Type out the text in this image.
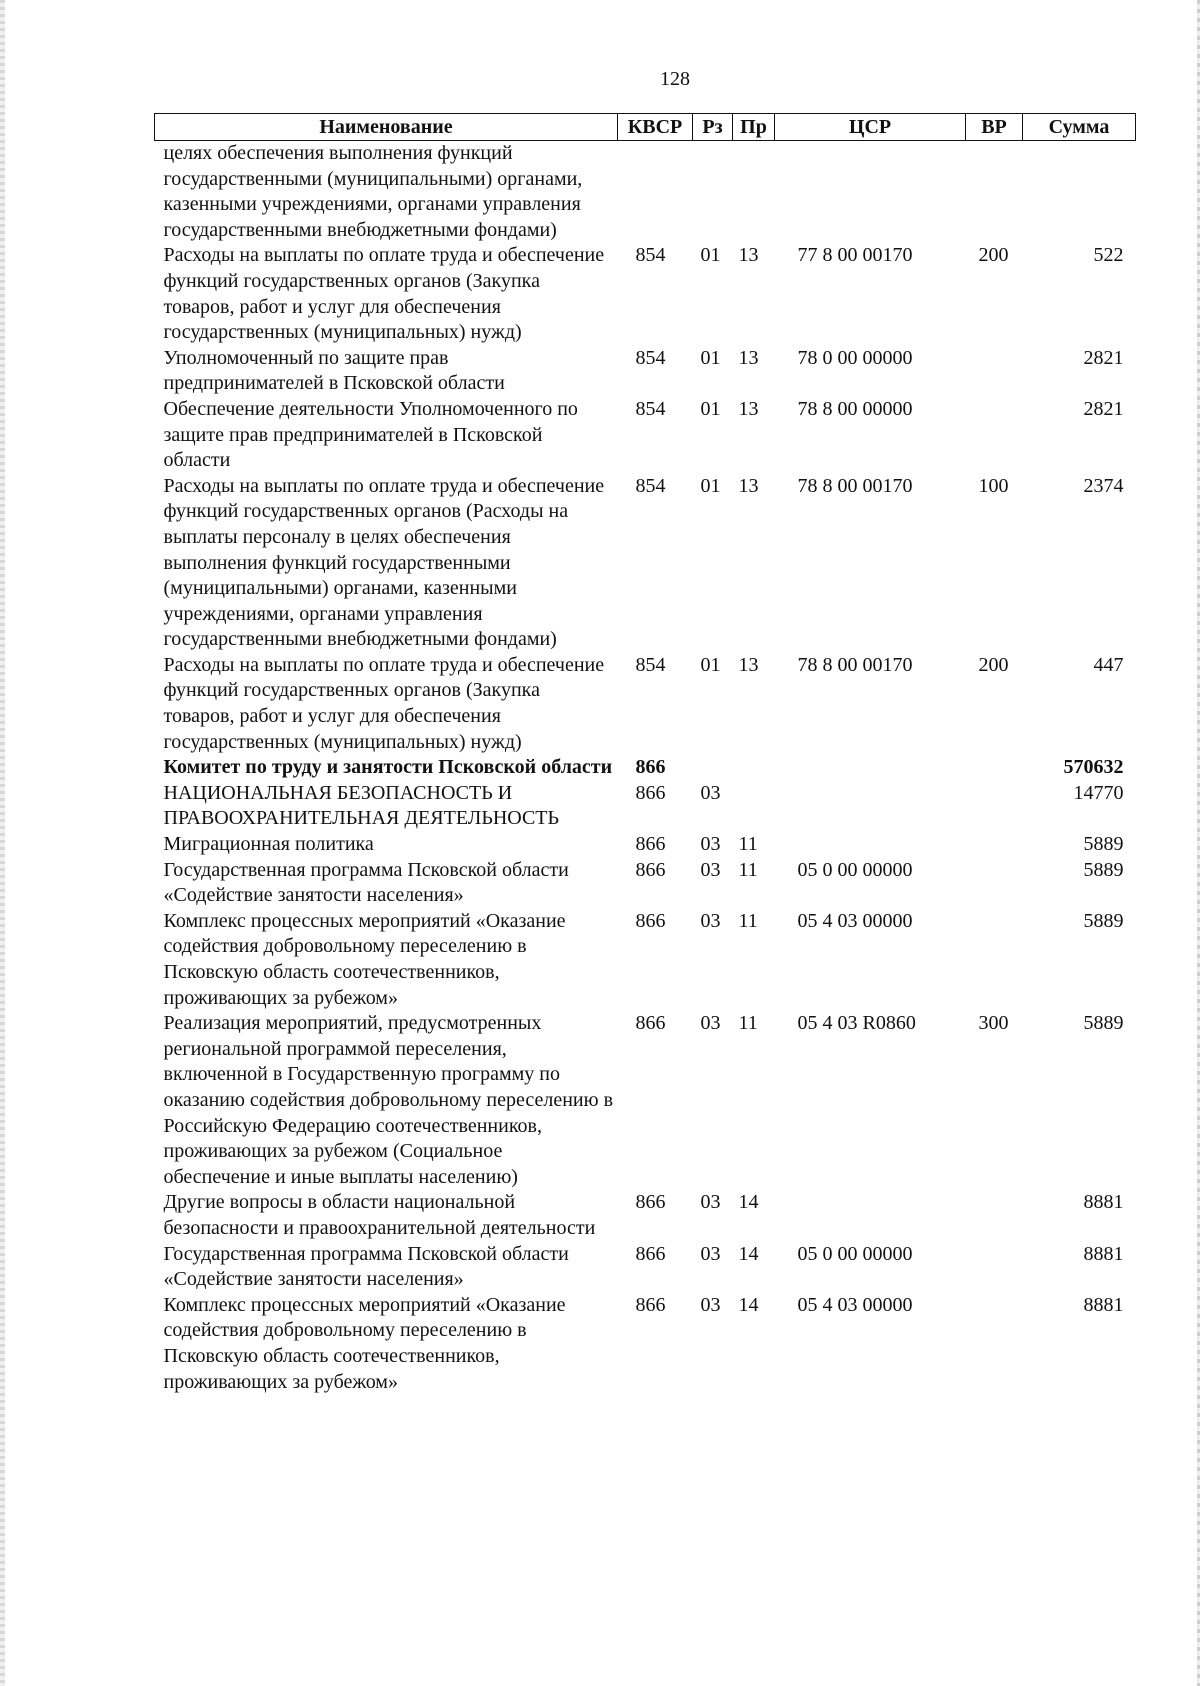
128
Наименование	КВСР	Рз	Пр	ЦСР	ВР	Сумма
целях обеспечения выполнения функций государственными (муниципальными) органами, казенными учреждениями, органами управления государственными внебюджетными фондами)						
Расходы на выплаты по оплате труда и обеспечение функций государственных органов (Закупка товаров, работ и услуг для обеспечения государственных (муниципальных) нужд)	854	01	13	77 8 00 00170	200	522
Уполномоченный по защите прав предпринимателей в Псковской области	854	01	13	78 0 00 00000		2821
Обеспечение деятельности Уполномоченного по защите прав предпринимателей в Псковской области	854	01	13	78 8 00 00000		2821
Расходы на выплаты по оплате труда и обеспечение функций государственных органов (Расходы на выплаты персоналу в целях обеспечения выполнения функций государственными (муниципальными) органами, казенными учреждениями, органами управления государственными внебюджетными фондами)	854	01	13	78 8 00 00170	100	2374
Расходы на выплаты по оплате труда и обеспечение функций государственных органов (Закупка товаров, работ и услуг для обеспечения государственных (муниципальных) нужд)	854	01	13	78 8 00 00170	200	447
Комитет по труду и занятости Псковской области	866					570632
НАЦИОНАЛЬНАЯ БЕЗОПАСНОСТЬ И ПРАВООХРАНИТЕЛЬНАЯ ДЕЯТЕЛЬНОСТЬ	866	03				14770
Миграционная политика	866	03	11			5889
Государственная программа Псковской области «Содействие занятости населения»	866	03	11	05 0 00 00000		5889
Комплекс процессных мероприятий «Оказание содействия добровольному переселению в Псковскую область соотечественников, проживающих за рубежом»	866	03	11	05 4 03 00000		5889
Реализация мероприятий, предусмотренных региональной программой переселения, включенной в Государственную программу по оказанию содействия добровольному переселению в Российскую Федерацию соотечественников, проживающих за рубежом (Социальное обеспечение и иные выплаты населению)	866	03	11	05 4 03 R0860	300	5889
Другие вопросы в области национальной безопасности и правоохранительной деятельности	866	03	14			8881
Государственная программа Псковской области «Содействие занятости населения»	866	03	14	05 0 00 00000		8881
Комплекс процессных мероприятий «Оказание содействия добровольному переселению в Псковскую область соотечественников, проживающих за рубежом»	866	03	14	05 4 03 00000		8881
